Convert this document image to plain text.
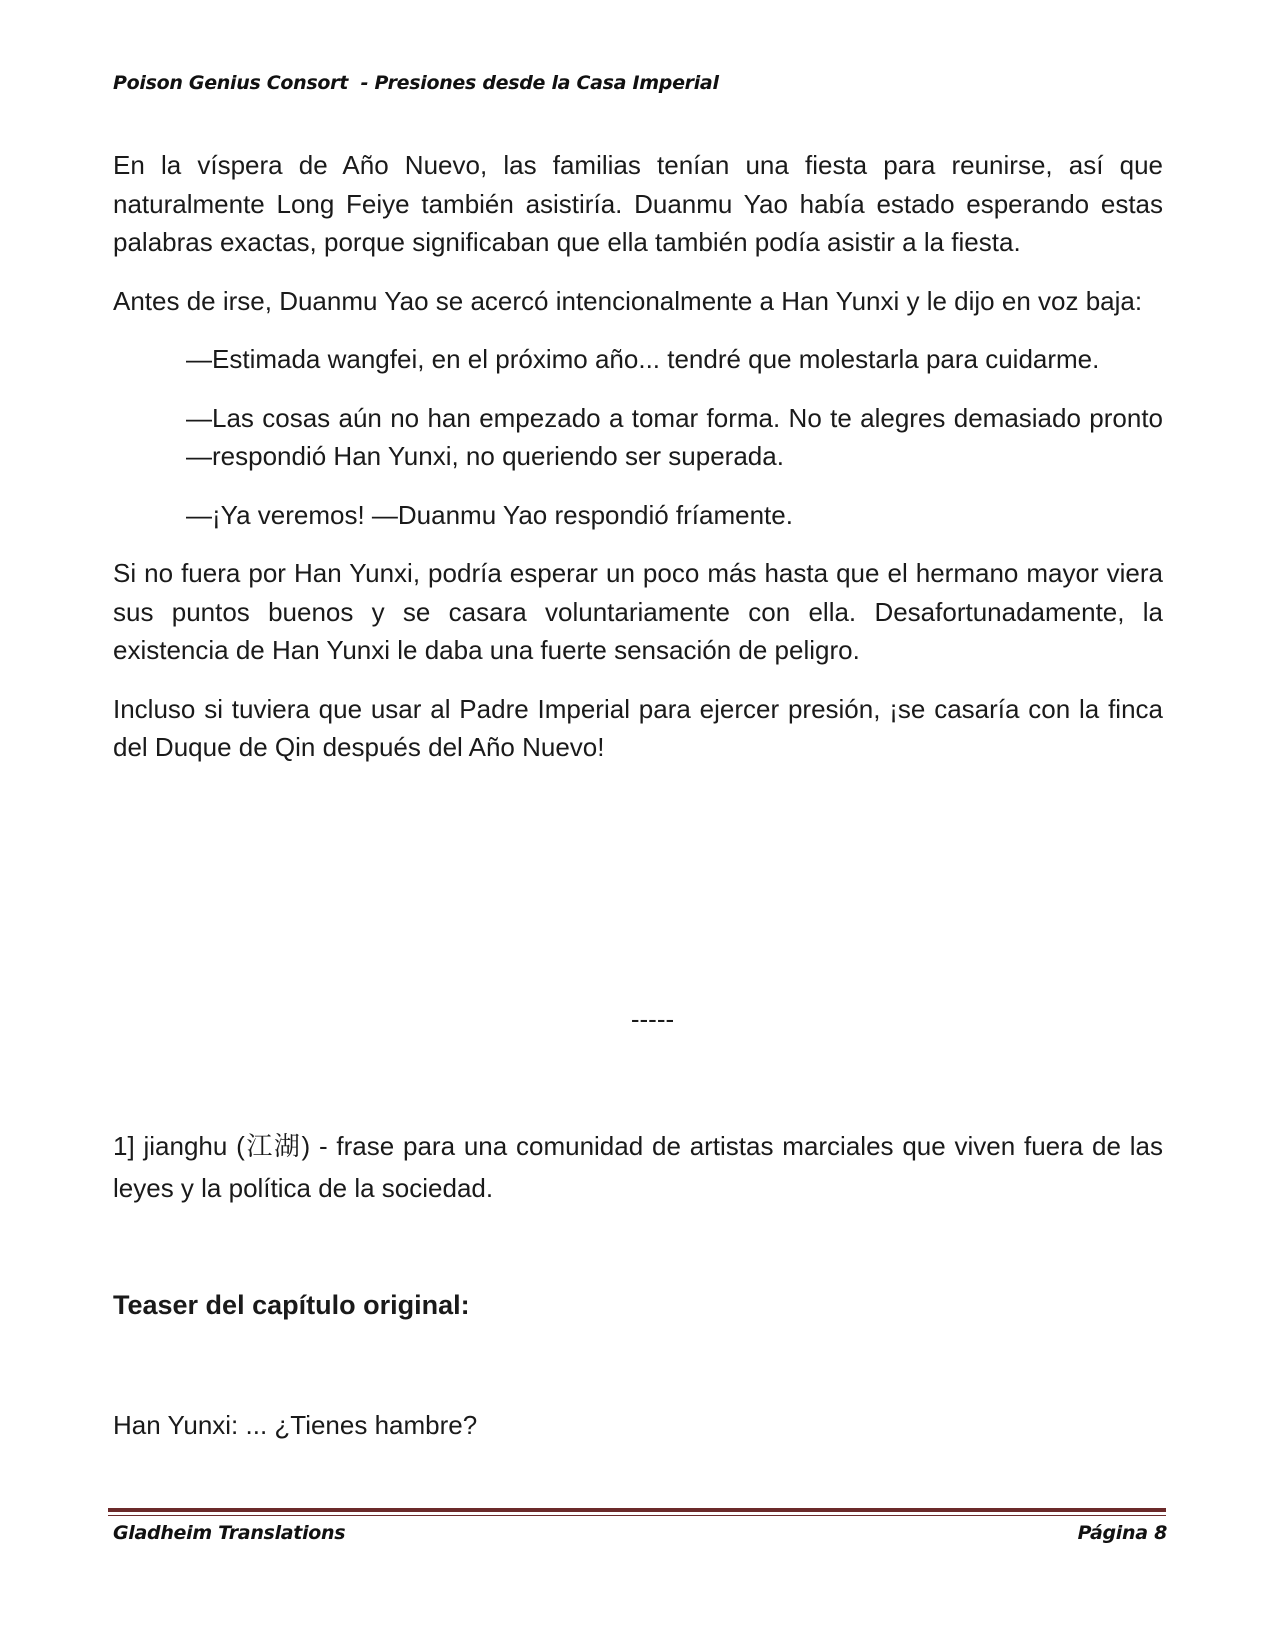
Poison Genius Consort  - Presiones desde la Casa Imperial

En la víspera de Año Nuevo, las familias tenían una fiesta para reunirse, así que naturalmente Long Feiye también asistiría. Duanmu Yao había estado esperando estas palabras exactas, porque significaban que ella también podía asistir a la fiesta.

Antes de irse, Duanmu Yao se acercó intencionalmente a Han Yunxi y le dijo en voz baja:

—Estimada wangfei, en el próximo año... tendré que molestarla para cuidarme.

—Las cosas aún no han empezado a tomar forma. No te alegres demasiado pronto —respondió Han Yunxi, no queriendo ser superada.

—¡Ya veremos! —Duanmu Yao respondió fríamente.

Si no fuera por Han Yunxi, podría esperar un poco más hasta que el hermano mayor viera sus puntos buenos y se casara voluntariamente con ella. Desafortunadamente, la existencia de Han Yunxi le daba una fuerte sensación de peligro.

Incluso si tuviera que usar al Padre Imperial para ejercer presión, ¡se casaría con la finca del Duque de Qin después del Año Nuevo!

-----

1] jianghu (江湖) - frase para una comunidad de artistas marciales que viven fuera de las leyes y la política de la sociedad.

Teaser del capítulo original:

Han Yunxi: ... ¿Tienes hambre?

Gladheim Translations	Página 8
